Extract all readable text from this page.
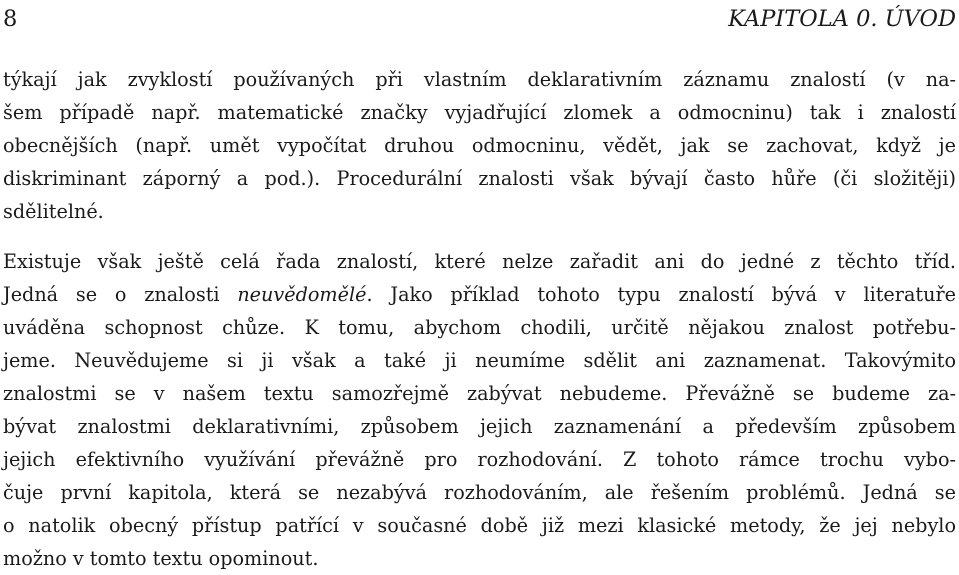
8	KAPITOLA 0. ÚVOD
týkají jak zvyklostí používaných při vlastním deklarativním záznamu znalostí (v na-
šem případě např. matematické značky vyjadřující zlomek a odmocninu) tak i znalostí
obecnějších (např. umět vypočítat druhou odmocninu, vědět, jak se zachovat, když je
diskriminant záporný a pod.). Procedurální znalosti však bývají často hůře (či složitěji)
sdělitelné.
Existuje však ještě celá řada znalostí, které nelze zařadit ani do jedné z těchto tříd.
Jedná se o znalosti neuvědomělé. Jako příklad tohoto typu znalostí bývá v literatuře
uváděna schopnost chůze. K tomu, abychom chodili, určitě nějakou znalost potřebu-
jeme. Neuvědujeme si ji však a také ji neumíme sdělit ani zaznamenat. Takovýmito
znalostmi se v našem textu samozřejmě zabývat nebudeme. Převážně se budeme za-
bývat znalostmi deklarativními, způsobem jejich zaznamenání a především způsobem
jejich efektivního využívání převážně pro rozhodování. Z tohoto rámce trochu vybo-
čuje první kapitola, která se nezabývá rozhodováním, ale řešením problémů. Jedná se
o natolik obecný přístup patřící v současné době již mezi klasické metody, že jej nebylo
možno v tomto textu opominout.
